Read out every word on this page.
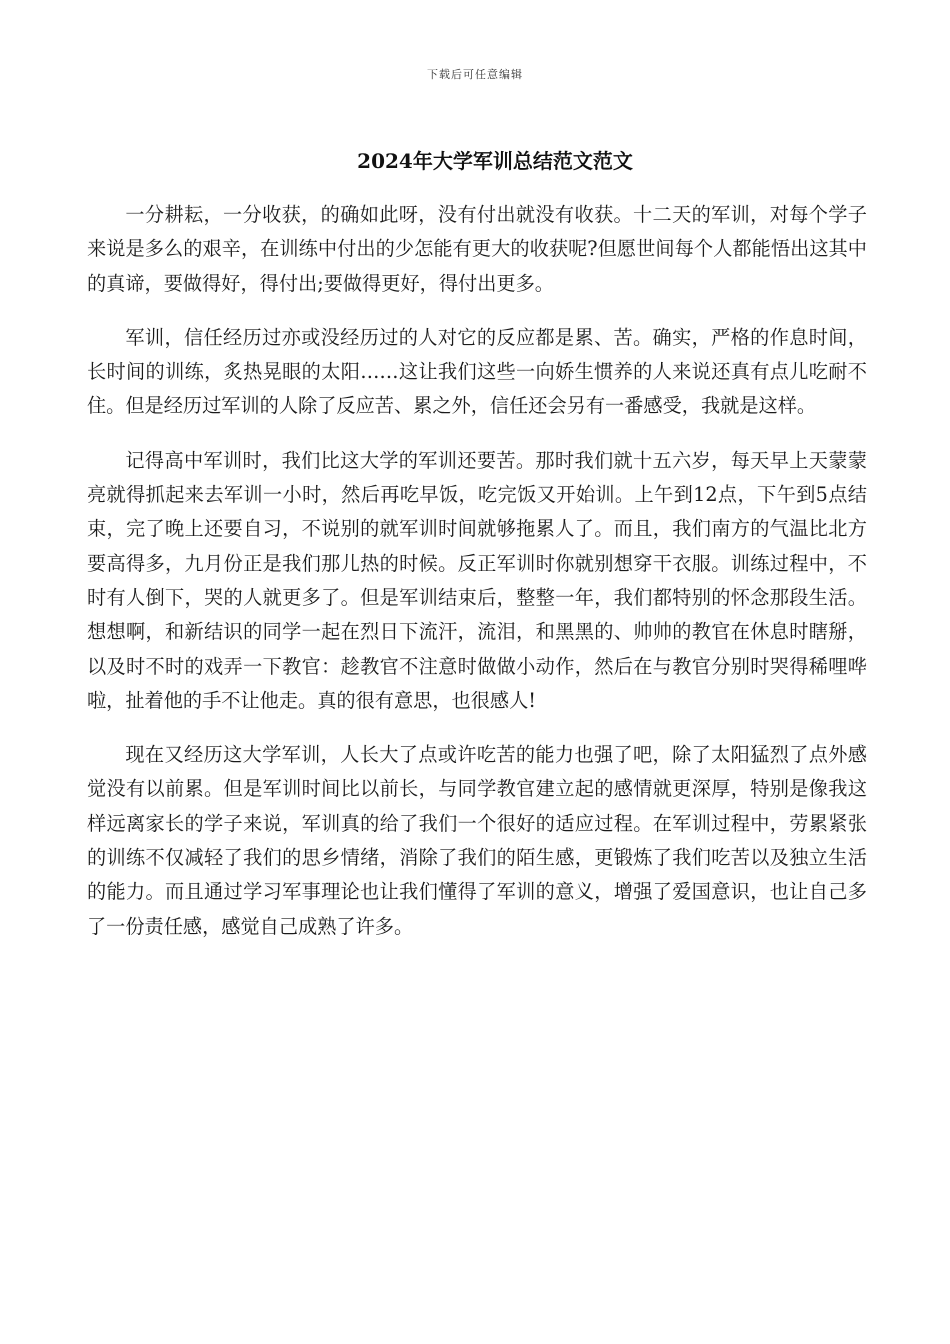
下载后可任意编辑
2024年大学军训总结范文范文

一分耕耘，一分收获，的确如此呀，没有付出就没有收获。十二天的军训，对每个学子来说是多么的艰辛，在训练中付出的少怎能有更大的收获呢?但愿世间每个人都能悟出这其中的真谛，要做得好，得付出;要做得更好，得付出更多。

军训，信任经历过亦或没经历过的人对它的反应都是累、苦。确实，严格的作息时间，长时间的训练，炙热晃眼的太阳……这让我们这些一向娇生惯养的人来说还真有点儿吃耐不住。但是经历过军训的人除了反应苦、累之外，信任还会另有一番感受，我就是这样。

记得高中军训时，我们比这大学的军训还要苦。那时我们就十五六岁，每天早上天蒙蒙亮就得抓起来去军训一小时，然后再吃早饭，吃完饭又开始训。上午到12点，下午到5点结束，完了晚上还要自习，不说别的就军训时间就够拖累人了。而且，我们南方的气温比北方要高得多，九月份正是我们那儿热的时候。反正军训时你就别想穿干衣服。训练过程中，不时有人倒下，哭的人就更多了。但是军训结束后，整整一年，我们都特别的怀念那段生活。想想啊，和新结识的同学一起在烈日下流汗，流泪，和黑黑的、帅帅的教官在休息时瞎掰，以及时不时的戏弄一下教官：趁教官不注意时做做小动作，然后在与教官分别时哭得稀哩哗啦，扯着他的手不让他走。真的很有意思，也很感人!

现在又经历这大学军训，人长大了点或许吃苦的能力也强了吧，除了太阳猛烈了点外感觉没有以前累。但是军训时间比以前长，与同学教官建立起的感情就更深厚，特别是像我这样远离家长的学子来说，军训真的给了我们一个很好的适应过程。在军训过程中，劳累紧张的训练不仅减轻了我们的思乡情绪，消除了我们的陌生感，更锻炼了我们吃苦以及独立生活的能力。而且通过学习军事理论也让我们懂得了军训的意义，增强了爱国意识，也让自己多了一份责任感，感觉自己成熟了许多。
